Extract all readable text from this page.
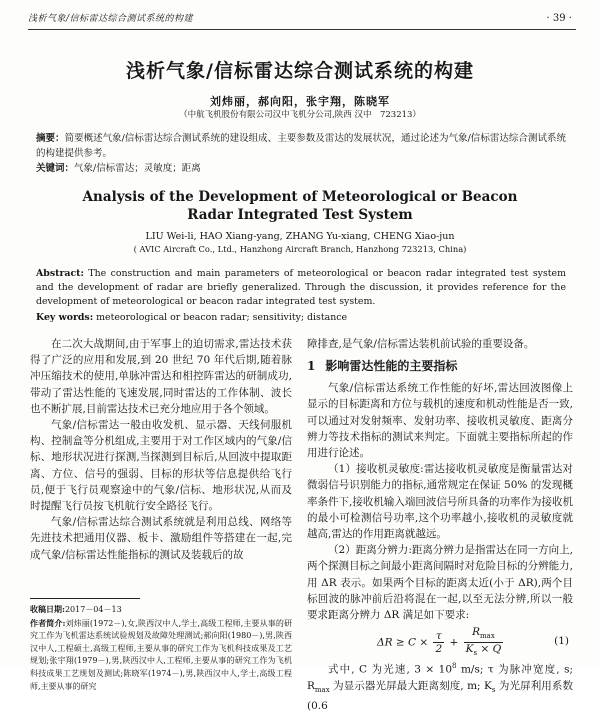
浅析气象/信标雷达综合测试系统的构建	· 39 ·
浅析气象/信标雷达综合测试系统的构建
刘炜丽，郝向阳，张宇翔，陈晓军
（中航飞机股份有限公司汉中飞机分公司,陕西 汉中　723213）

摘要：简要概述气象/信标雷达综合测试系统的建设组成、主要参数及雷达的发展状况，通过论述为气象/信标雷达综合测试系统的构建提供参考。

关键词：气象/信标雷达；灵敏度；距离

Analysis of the Development of Meteorological or Beacon Radar Integrated Test System
LIU Wei-li, HAO Xiang-yang, ZHANG Yu-xiang, CHENG Xiao-jun
( AVIC Aircraft Co., Ltd., Hanzhong Aircraft Branch, Hanzhong 723213, China)

Abstract: The construction and main parameters of meteorological or beacon radar integrated test system and the development of radar are briefly generalized. Through the discussion, it provides reference for the development of meteorological or beacon radar integrated test system.

Key words: meteorological or beacon radar; sensitivity; distance

在二次大战期间,由于军事上的迫切需求,雷达技术获得了广泛的应用和发展,到 20 世纪 70 年代后期,随着脉冲压缩技术的使用,单脉冲雷达和相控阵雷达的研制成功,带动了雷达性能的飞速发展,同时雷达的工作体制、波长也不断扩展,目前雷达技术已充分地应用于各个领域。

气象/信标雷达一般由收发机、显示器、天线伺服机构、控制盒等分机组成,主要用于对工作区域内的气象/信标、地形状况进行探测,当探测到目标后,从回波中提取距离、方位、信号的强弱、目标的形状等信息提供给飞行员,便于飞行员观察途中的气象/信标、地形状况,从而及时提醒飞行员按飞机航行安全路径飞行。

气象/信标雷达综合测试系统就是利用总线、网络等先进技术把通用仪器、板卡、激励组件等搭建在一起,完成气象/信标雷达性能指标的测试及装载后的故

收稿日期:2017－04－13

作者简介:刘炜丽(1972－),女,陕西汉中人,学士,高级工程师,主要从事的研究工作为飞机雷达系统试验规划及故障处理测试;郝向阳(1980－),男,陕西汉中人,工程硕士,高级工程师,主要从事的研究工作为飞机科技成果及工艺规划;张宇翔(1979－),男,陕西汉中人,工程师,主要从事的研究工作为飞机科技成果工艺规划及测试;陈晓军(1974－),男,陕西汉中人,学士,高级工程师,主要从事的研究

障排查,是气象/信标雷达装机前试验的重要设备。

1 影响雷达性能的主要指标

气象/信标雷达系统工作性能的好坏,雷达回波图像上显示的目标距离和方位与载机的速度和机动性能是否一致,可以通过对发射频率、发射功率、接收机灵敏度、距离分辨力等技术指标的测试来判定。下面就主要指标所起的作用进行论述。

（1）接收机灵敏度:雷达接收机灵敏度是衡量雷达对微弱信号识别能力的指标,通常规定在保证 50% 的发现概率条件下,接收机输入端回波信号所具备的功率作为接收机的最小可检测信号功率,这个功率越小,接收机的灵敏度就越高,雷达的作用距离就越远。

（2）距离分辨力:距离分辨力是指雷达在同一方向上,两个探测目标之间最小距离间隔时对危险目标的分辨能力,用 ΔR 表示。如果两个目标的距离太近(小于 ΔR),两个目标回波的脉冲前后沿将混在一起,以至无法分辨,所以一般要求距离分辨力 ΔR 满足如下要求:

$\Delta R \ge C \times \frac{\tau}{2} + \frac{R_{max}}{K_s \times Q}$	(1)

式中, C 为光速, $3 \times 10^8$ m/s; τ 为脉冲宽度, s; $R_{max}$ 为显示器光屏最大距离刻度, m; $K_s$ 为光屏利用系数 (0.6
